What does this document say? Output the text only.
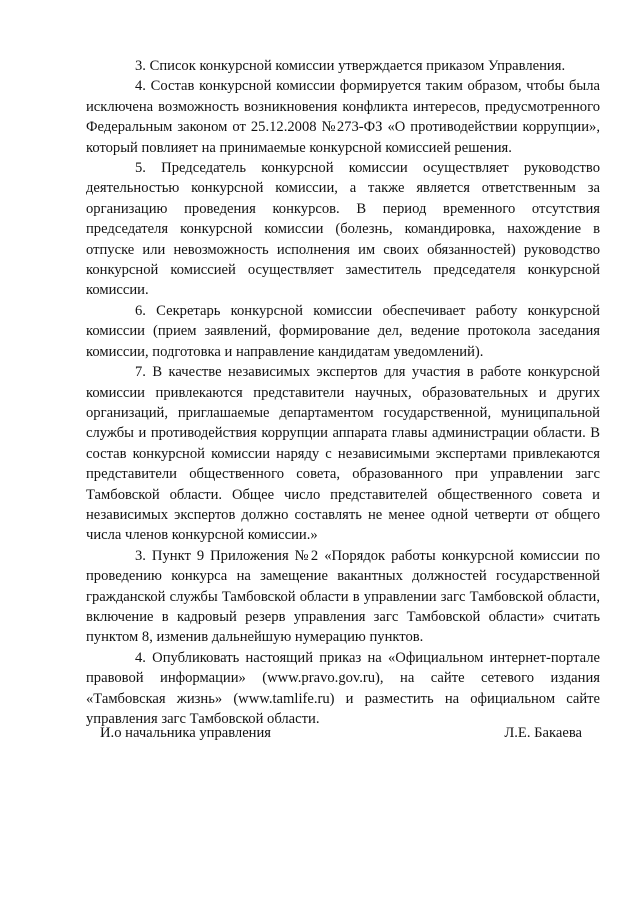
3. Список конкурсной комиссии утверждается приказом Управления.

4. Состав конкурсной комиссии формируется таким образом, чтобы была исключена возможность возникновения конфликта интересов, предусмотренного Федеральным законом от 25.12.2008 №273-ФЗ «О противодействии коррупции», который повлияет на принимаемые конкурсной комиссией решения.

5. Председатель конкурсной комиссии осуществляет руководство деятельностью конкурсной комиссии, а также является ответственным за организацию проведения конкурсов. В период временного отсутствия председателя конкурсной комиссии (болезнь, командировка, нахождение в отпуске или невозможность исполнения им своих обязанностей) руководство конкурсной комиссией осуществляет заместитель председателя конкурсной комиссии.

6. Секретарь конкурсной комиссии обеспечивает работу конкурсной комиссии (прием заявлений, формирование дел, ведение протокола заседания комиссии, подготовка и направление кандидатам уведомлений).

7. В качестве независимых экспертов для участия в работе конкурсной комиссии привлекаются представители научных, образовательных и других организаций, приглашаемые департаментом государственной, муниципальной службы и противодействия коррупции аппарата главы администрации области. В состав конкурсной комиссии наряду с независимыми экспертами привлекаются представители общественного совета, образованного при управлении загс Тамбовской области. Общее число представителей общественного совета и независимых экспертов должно составлять не менее одной четверти от общего числа членов конкурсной комиссии.»

3. Пункт 9 Приложения №2 «Порядок работы конкурсной комиссии по проведению конкурса на замещение вакантных должностей государственной гражданской службы Тамбовской области в управлении загс Тамбовской области, включение в кадровый резерв управления загс Тамбовской области» считать пунктом 8, изменив дальнейшую нумерацию пунктов.

4. Опубликовать настоящий приказ на «Официальном интернет-портале правовой информации» (www.pravo.gov.ru), на сайте сетевого издания «Тамбовская жизнь» (www.tamlife.ru) и разместить на официальном сайте управления загс Тамбовской области.

И.о начальника управления	Л.Е. Бакаева
